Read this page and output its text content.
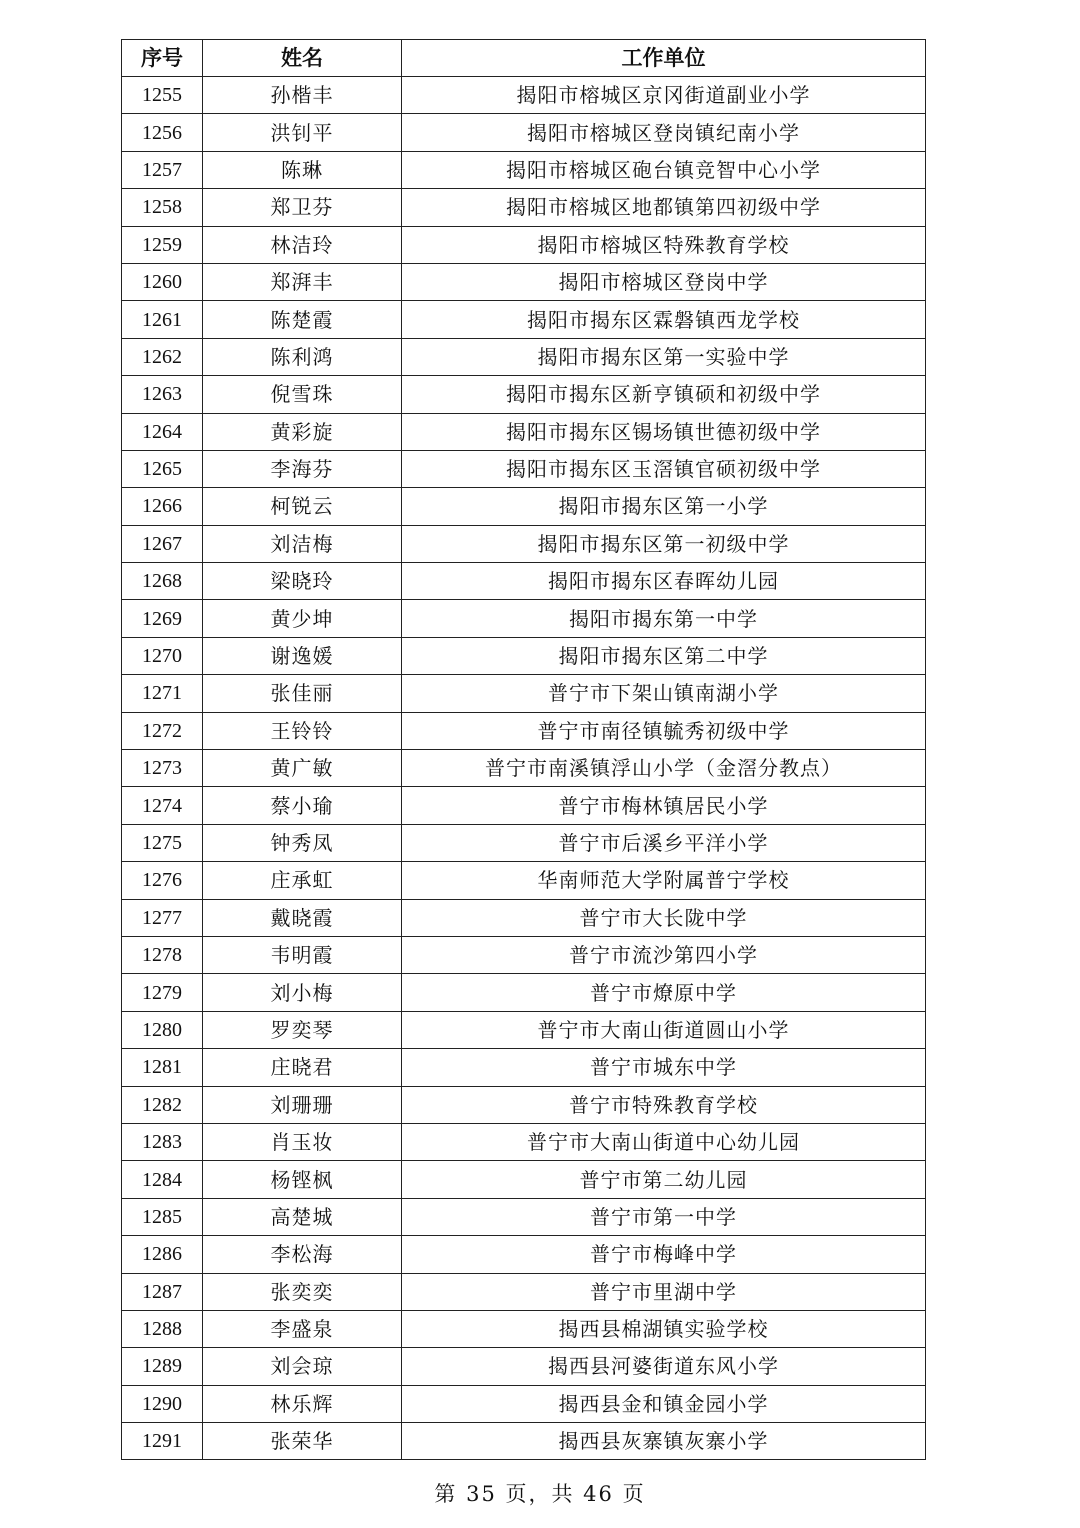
序号	姓名	工作单位
1255	孙楷丰	揭阳市榕城区京冈街道副业小学
1256	洪钊平	揭阳市榕城区登岗镇纪南小学
1257	陈琳	揭阳市榕城区砲台镇竞智中心小学
1258	郑卫芬	揭阳市榕城区地都镇第四初级中学
1259	林洁玲	揭阳市榕城区特殊教育学校
1260	郑湃丰	揭阳市榕城区登岗中学
1261	陈楚霞	揭阳市揭东区霖磐镇西龙学校
1262	陈利鸿	揭阳市揭东区第一实验中学
1263	倪雪珠	揭阳市揭东区新亨镇硕和初级中学
1264	黄彩旋	揭阳市揭东区锡场镇世德初级中学
1265	李海芬	揭阳市揭东区玉滘镇官硕初级中学
1266	柯锐云	揭阳市揭东区第一小学
1267	刘洁梅	揭阳市揭东区第一初级中学
1268	梁晓玲	揭阳市揭东区春晖幼儿园
1269	黄少坤	揭阳市揭东第一中学
1270	谢逸媛	揭阳市揭东区第二中学
1271	张佳丽	普宁市下架山镇南湖小学
1272	王铃铃	普宁市南径镇毓秀初级中学
1273	黄广敏	普宁市南溪镇浮山小学（金滘分教点）
1274	蔡小瑜	普宁市梅林镇居民小学
1275	钟秀凤	普宁市后溪乡平洋小学
1276	庄承虹	华南师范大学附属普宁学校
1277	戴晓霞	普宁市大长陇中学
1278	韦明霞	普宁市流沙第四小学
1279	刘小梅	普宁市燎原中学
1280	罗奕琴	普宁市大南山街道圆山小学
1281	庄晓君	普宁市城东中学
1282	刘珊珊	普宁市特殊教育学校
1283	肖玉妆	普宁市大南山街道中心幼儿园
1284	杨铿枫	普宁市第二幼儿园
1285	高楚城	普宁市第一中学
1286	李松海	普宁市梅峰中学
1287	张奕奕	普宁市里湖中学
1288	李盛泉	揭西县棉湖镇实验学校
1289	刘会琼	揭西县河婆街道东风小学
1290	林乐辉	揭西县金和镇金园小学
1291	张荣华	揭西县灰寨镇灰寨小学
第 35 页，共 46 页
